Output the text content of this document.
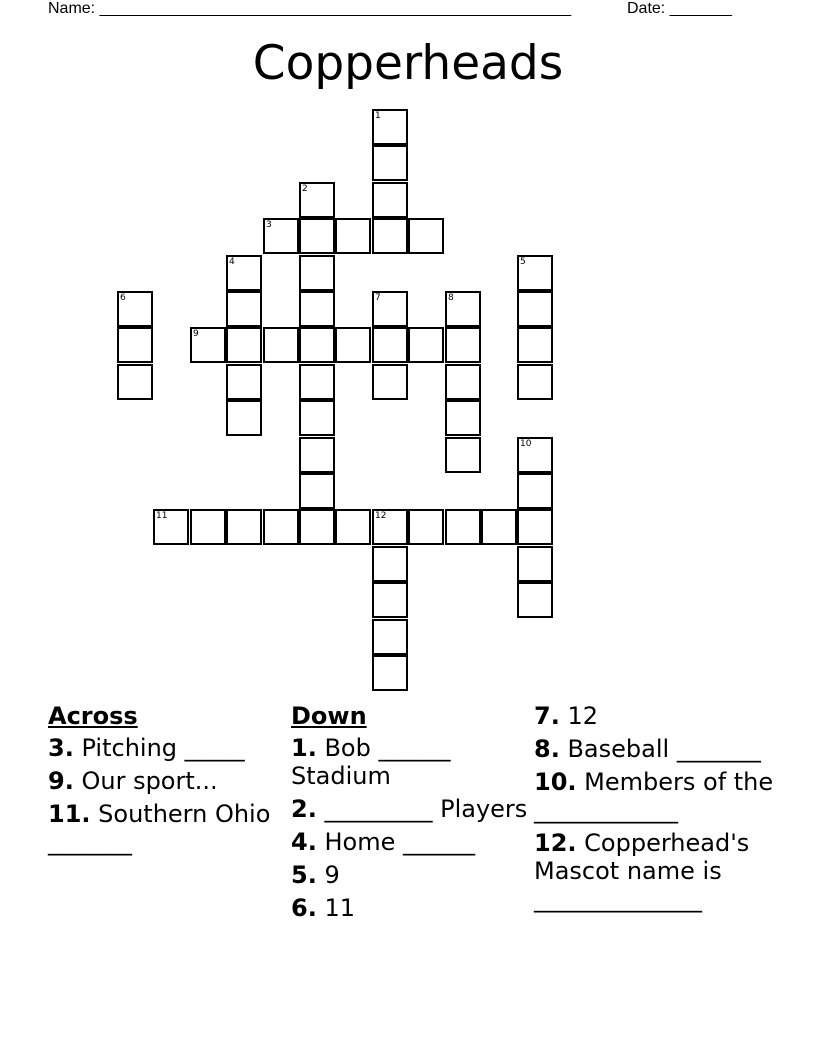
Name: _____________________________________________________	Date: _______
Copperheads
1
2
3
4	5
6	7	8
9
10
11	12
Across
3. Pitching _____
9. Our sport...
11. Southern Ohio _______
Down
1. Bob ______ Stadium
2. _________ Players
4. Home ______
5. 9
6. 11
7. 12
8. Baseball _______
10. Members of the ____________
12. Copperhead's Mascot name is ______________
